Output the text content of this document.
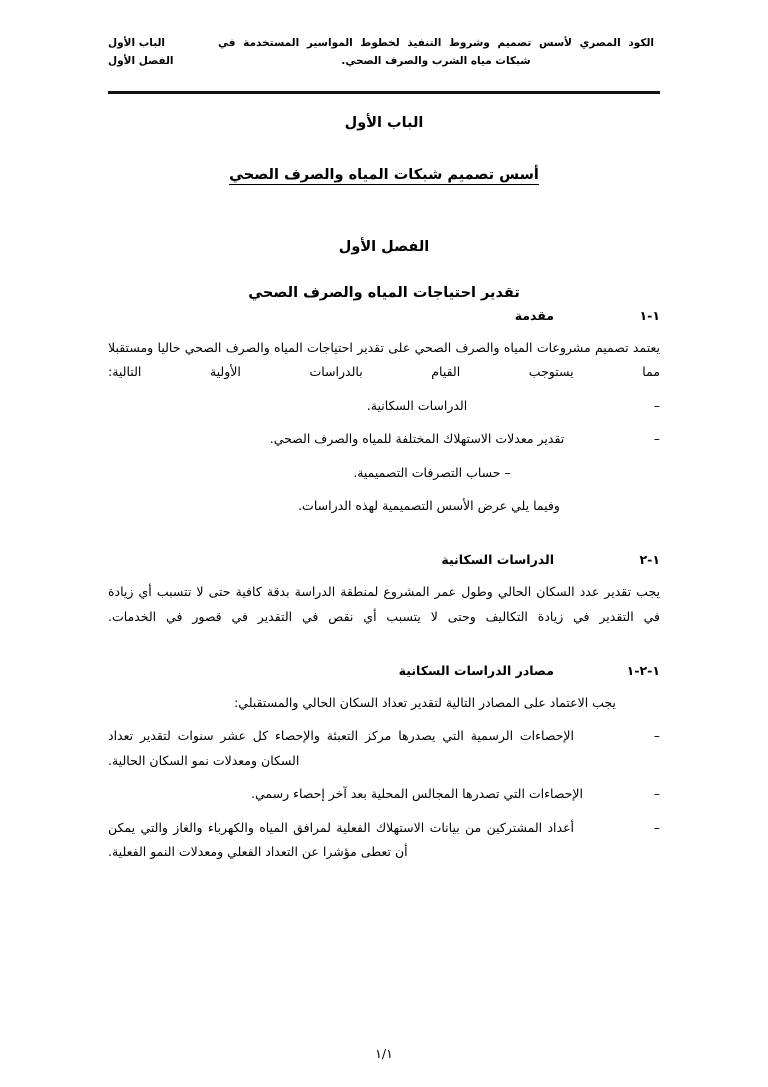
الكود المصري لأسس تصميم وشروط التنفيذ لخطوط المواسير المستخدمة في شبكات مياه الشرب والصرف الصحي.
الباب الأول
الفصل الأول

الباب الأول

أسس تصميم شبكات المياه والصرف الصحي

الفصل الأول

تقدير احتياجات المياه والصرف الصحي

١-١
مقدمة

يعتمد تصميم مشروعات المياه والصرف الصحي على تقدير احتياجات المياه والصرف الصحي حاليا ومستقبلا مما يستوجب القيام بالدراسات الأولية التالية:

–
الدراسات السكانية.
–
تقدير معدلات الاستهلاك المختلفة للمياه والصرف الصحي.
– حساب التصرفات التصميمية.

وفيما يلي عرض الأسس التصميمية لهذه الدراسات.

١-٢
الدراسات السكانية

يجب تقدير عدد السكان الحالي وطول عمر المشروع لمنطقة الدراسة بدقة كافية حتى لا تتسبب أي زيادة في التقدير في زيادة التكاليف وحتى لا يتسبب أي نقص في التقدير في قصور في الخدمات.

١-٢-١
مصادر الدراسات السكانية

يجب الاعتماد على المصادر التالية لتقدير تعداد السكان الحالي والمستقبلي:

–
الإحصاءات الرسمية التي يصدرها مركز التعبئة والإحصاء كل عشر سنوات لتقدير تعداد السكان ومعدلات نمو السكان الحالية.
–
الإحصاءات التي تصدرها المجالس المحلية بعد آخر إحصاء رسمي.
–
أعداد المشتركين من بيانات الاستهلاك الفعلية لمرافق المياه والكهرباء والغاز والتي يمكن أن تعطى مؤشرا عن التعداد الفعلي ومعدلات النمو الفعلية.
١/١
